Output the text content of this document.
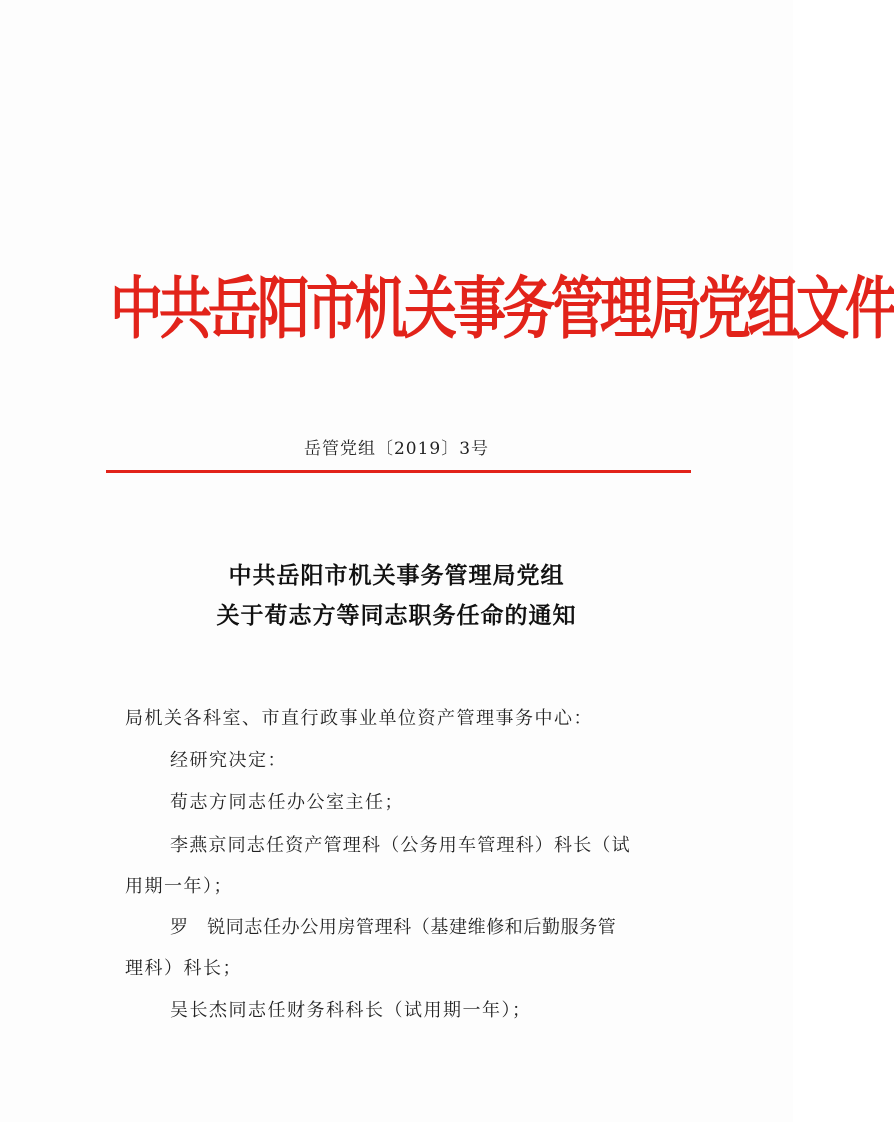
中共岳阳市机关事务管理局党组文件
岳管党组〔2019〕3号
中共岳阳市机关事务管理局党组
关于荀志方等同志职务任命的通知
局机关各科室、市直行政事业单位资产管理事务中心：
经研究决定：
荀志方同志任办公室主任；
李燕京同志任资产管理科（公务用车管理科）科长（试
用期一年）；
罗　锐同志任办公用房管理科（基建维修和后勤服务管
理科）科长；
吴长杰同志任财务科科长（试用期一年）；
